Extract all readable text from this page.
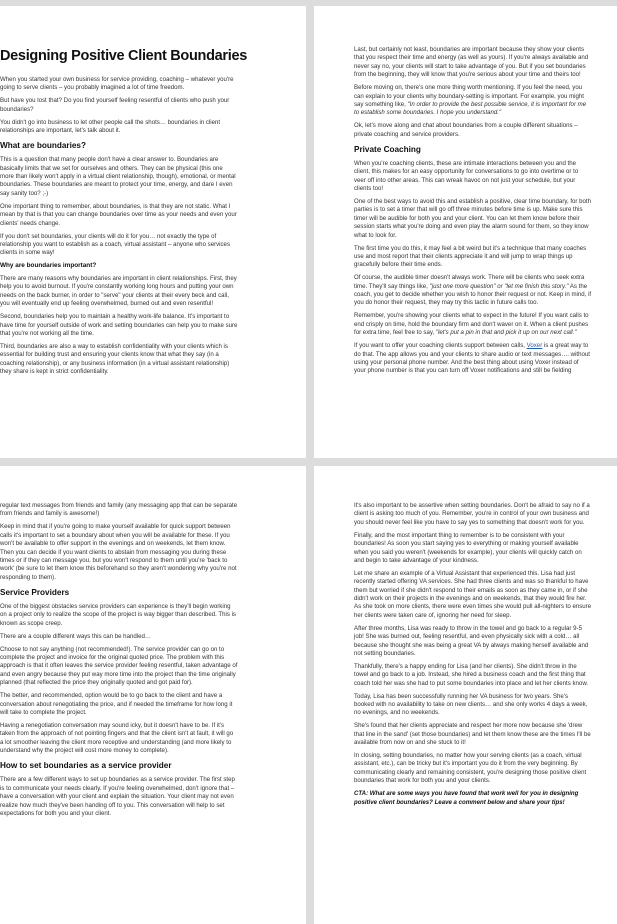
Designing Positive Client Boundaries

When you started your own business for service providing, coaching – whatever you're
going to serve clients – you probably imagined a lot of time freedom.

But have you lost that? Do you find yourself feeling resentful of clients who push your
boundaries?

You didn't go into business to let other people call the shots… boundaries in client
relationships are important, let's talk about it.

What are boundaries?

This is a question that many people don't have a clear answer to. Boundaries are
basically limits that we set for ourselves and others. They can be physical (this one
more than likely won't apply in a virtual client relationship, though), emotional, or mental
boundaries. These boundaries are meant to protect your time, energy, and dare I even
say sanity too? ;-)

One important thing to remember, about boundaries, is that they are not static. What I
mean by that is that you can change boundaries over time as your needs and even your
clients' needs change.

If you don't set boundaries, your clients will do it for you… not exactly the type of
relationship you want to establish as a coach, virtual assistant – anyone who services
clients in some way!

Why are boundaries important?

There are many reasons why boundaries are important in client relationships. First, they
help you to avoid burnout. If you're constantly working long hours and putting your own
needs on the back burner, in order to "serve" your clients at their every beck and call,
you will eventually end up feeling overwhelmed, burned out and even resentful!

Second, boundaries help you to maintain a healthy work-life balance. It's important to
have time for yourself outside of work and setting boundaries can help you to make sure
that you're not working all the time.

Third, boundaries are also a way to establish confidentiality with your clients which is
essential for building trust and ensuring your clients know that what they say (in a
coaching relationship), or any business information (in a virtual assistant relationship)
they share is kept in strict confidentiality.

Last, but certainly not least, boundaries are important because they show your clients
that you respect their time and energy (as well as yours). If you're always available and
never say no, your clients will start to take advantage of you. But if you set boundaries
from the beginning, they will know that you're serious about your time and theirs too!

Before moving on, there's one more thing worth mentioning. If you feel the need, you
can explain to your clients why boundary-setting is important. For example, you might
say something like, "In order to provide the best possible service, it is important for me
to establish some boundaries. I hope you understand."

Ok, let's move along and chat about boundaries from a couple different situations –
private coaching and service providers.

Private Coaching

When you're coaching clients, these are intimate interactions between you and the
client, this makes for an easy opportunity for conversations to go into overtime or to
veer off into other areas. This can wreak havoc on not just your schedule, but your
clients too!

One of the best ways to avoid this and establish a positive, clear time boundary, for both
parties is to set a timer that will go off three minutes before time is up. Make sure this
timer will be audible for both you and your client. You can let them know before their
session starts what you're doing and even play the alarm sound for them, so they know
what to look for.

The first time you do this, it may feel a bit weird but it's a technique that many coaches
use and most report that their clients appreciate it and will jump to wrap things up
gracefully before their time ends.

Of course, the audible timer doesn't always work. There will be clients who seek extra
time. They'll say things like, "just one more question" or "let me finish this story." As the
coach, you get to decide whether you wish to honor their request or not. Keep in mind, if
you do honor their request, they may try this tactic in future calls too.

Remember, you're showing your clients what to expect in the future! If you want calls to
end crisply on time, hold the boundary firm and don't waver on it. When a client pushes
for extra time, feel free to say, "let's put a pin in that and pick it up on our next call."

If you want to offer your coaching clients support between calls, Voxer is a great way to
do that. The app allows you and your clients to share audio or text messages…. without
using your personal phone number. And the best thing about using Voxer instead of
your phone number is that you can turn off Voxer notifications and still be fielding

regular text messages from friends and family (any messaging app that can be separate
from friends and family is awesome!)

Keep in mind that if you're going to make yourself available for quick support between
calls it's important to set a boundary about when you will be available for these. If you
won't be available to offer support in the evenings and on weekends, let them know.
Then you can decide if you want clients to abstain from messaging you during these
times or if they can message you, but you won't respond to them until you're 'back to
work' (be sure to let them know this beforehand so they aren't wondering why you're not
responding to them).

Service Providers

One of the biggest obstacles service providers can experience is they'll begin working
on a project only to realize the scope of the project is way bigger than described. This is
known as scope creep.

There are a couple different ways this can be handled…

Choose to not say anything (not recommended!). The service provider can go on to
complete the project and invoice for the original quoted price. The problem with this
approach is that it often leaves the service provider feeling resentful, taken advantage of
and even angry because they put way more time into the project than the time originally
planned (that reflected the price they originally quoted and got paid for).

The better, and recommended, option would be to go back to the client and have a
conversation about renegotiating the price, and if needed the timeframe for how long it
will take to complete the project.

Having a renegotiation conversation may sound icky, but it doesn't have to be. If it's
taken from the approach of not pointing fingers and that the client isn't at fault, it will go
a lot smoother leaving the client more receptive and understanding (and more likely to
understand why the project will cost more money to complete).

How to set boundaries as a service provider

There are a few different ways to set up boundaries as a service provider. The first step
is to communicate your needs clearly. If you're feeling overwhelmed, don't ignore that –
have a conversation with your client and explain the situation. Your client may not even
realize how much they've been handing off to you. This conversation will help to set
expectations for both you and your client.

It's also important to be assertive when setting boundaries. Don't be afraid to say no if a
client is asking too much of you. Remember, you're in control of your own business and
you should never feel like you have to say yes to something that doesn't work for you.

Finally, and the most important thing to remember is to be consistent with your
boundaries! As soon you start saying yes to everything or making yourself available
when you said you weren't (weekends for example), your clients will quickly catch on
and begin to take advantage of your kindness.

Let me share an example of a Virtual Assistant that experienced this. Lisa had just
recently started offering VA services. She had three clients and was so thankful to have
them but worried if she didn't respond to their emails as soon as they came in, or if she
didn't work on their projects in the evenings and on weekends, that they would fire her.
As she took on more clients, there were even times she would pull all-nighters to ensure
her clients were taken care of, ignoring her need for sleep.

After three months, Lisa was ready to throw in the towel and go back to a regular 9-5
job! She was burned out, feeling resentful, and even physically sick with a cold… all
because she thought she was being a great VA by always making herself available and
not setting boundaries.

Thankfully, there's a happy ending for Lisa (and her clients). She didn't throw in the
towel and go back to a job. Instead, she hired a business coach and the first thing that
coach told her was she had to put some boundaries into place and let her clients know.

Today, Lisa has been successfully running her VA business for two years. She's
booked with no availability to take on new clients… and she only works 4 days a week,
no evenings, and no weekends.

She's found that her clients appreciate and respect her more now because she 'drew
that line in the sand' (set those boundaries) and let them know these are the times I'll be
available from now on and she stuck to it!

In closing, setting boundaries, no matter how your serving clients (as a coach, virtual
assistant, etc.), can be tricky but it's important you do it from the very beginning. By
communicating clearly and remaining consistent, you're designing those positive client
boundaries that work for both you and your clients.

CTA: What are some ways you have found that work well for you in designing
positive client boundaries? Leave a comment below and share your tips!
